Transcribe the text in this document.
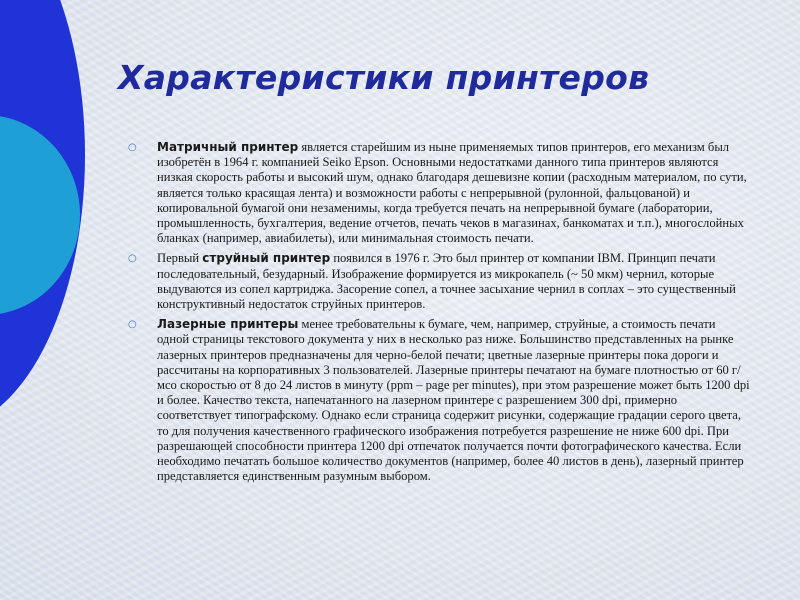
Характеристики принтеров
○ Матричный принтер является старейшим из ныне применяемых типов принтеров, его механизм был изобретён в 1964 г. компанией Seiko Epson. Основными недостатками данного типа принтеров являются низкая скорость работы и высокий шум, однако благодаря дешевизне копии (расходным материалом, по сути, является только красящая лента) и возможности работы с непрерывной (рулонной, фальцованой) и копировальной бумагой они незаменимы, когда требуется печать на непрерывной бумаге (лаборатории, промышленность, бухгалтерия, ведение отчетов, печать чеков в магазинах, банкоматах и т.п.), многослойных бланках (например, авиабилеты), или минимальная стоимость печати.
○ Первый струйный принтер появился в 1976 г. Это был принтер от компании IBM. Принцип печати последовательный, безударный. Изображение формируется из микрокапель (~ 50 мкм) чернил, которые выдуваются из сопел картриджа. Засорение сопел, а точнее засыхание чернил в соплах – это существенный конструктивный недостаток струйных принтеров.
○ Лазерные принтеры менее требовательны к бумаге, чем, например, струйные, а стоимость печати одной страницы текстового документа у них в несколько раз ниже. Большинство представленных на рынке лазерных принтеров предназначены для черно-белой печати; цветные лазерные принтеры пока дороги и рассчитаны на корпоративных 3 пользователей. Лазерные принтеры печатают на бумаге плотностью от 60 г/мсо скоростью от 8 до 24 листов в минуту (ppm – page per minutes), при этом разрешение может быть 1200 dpi и более. Качество текста, напечатанного на лазерном принтере с разрешением 300 dpi, примерно соответствует типографскому. Однако если страница содержит рисунки, содержащие градации серого цвета, то для получения качественного графического изображения потребуется разрешение не ниже 600 dpi. При разрешающей способности принтера 1200 dpi отпечаток получается почти фотографического качества. Если необходимо печатать большое количество документов (например, более 40 листов в день), лазерный принтер представляется единственным разумным выбором.
